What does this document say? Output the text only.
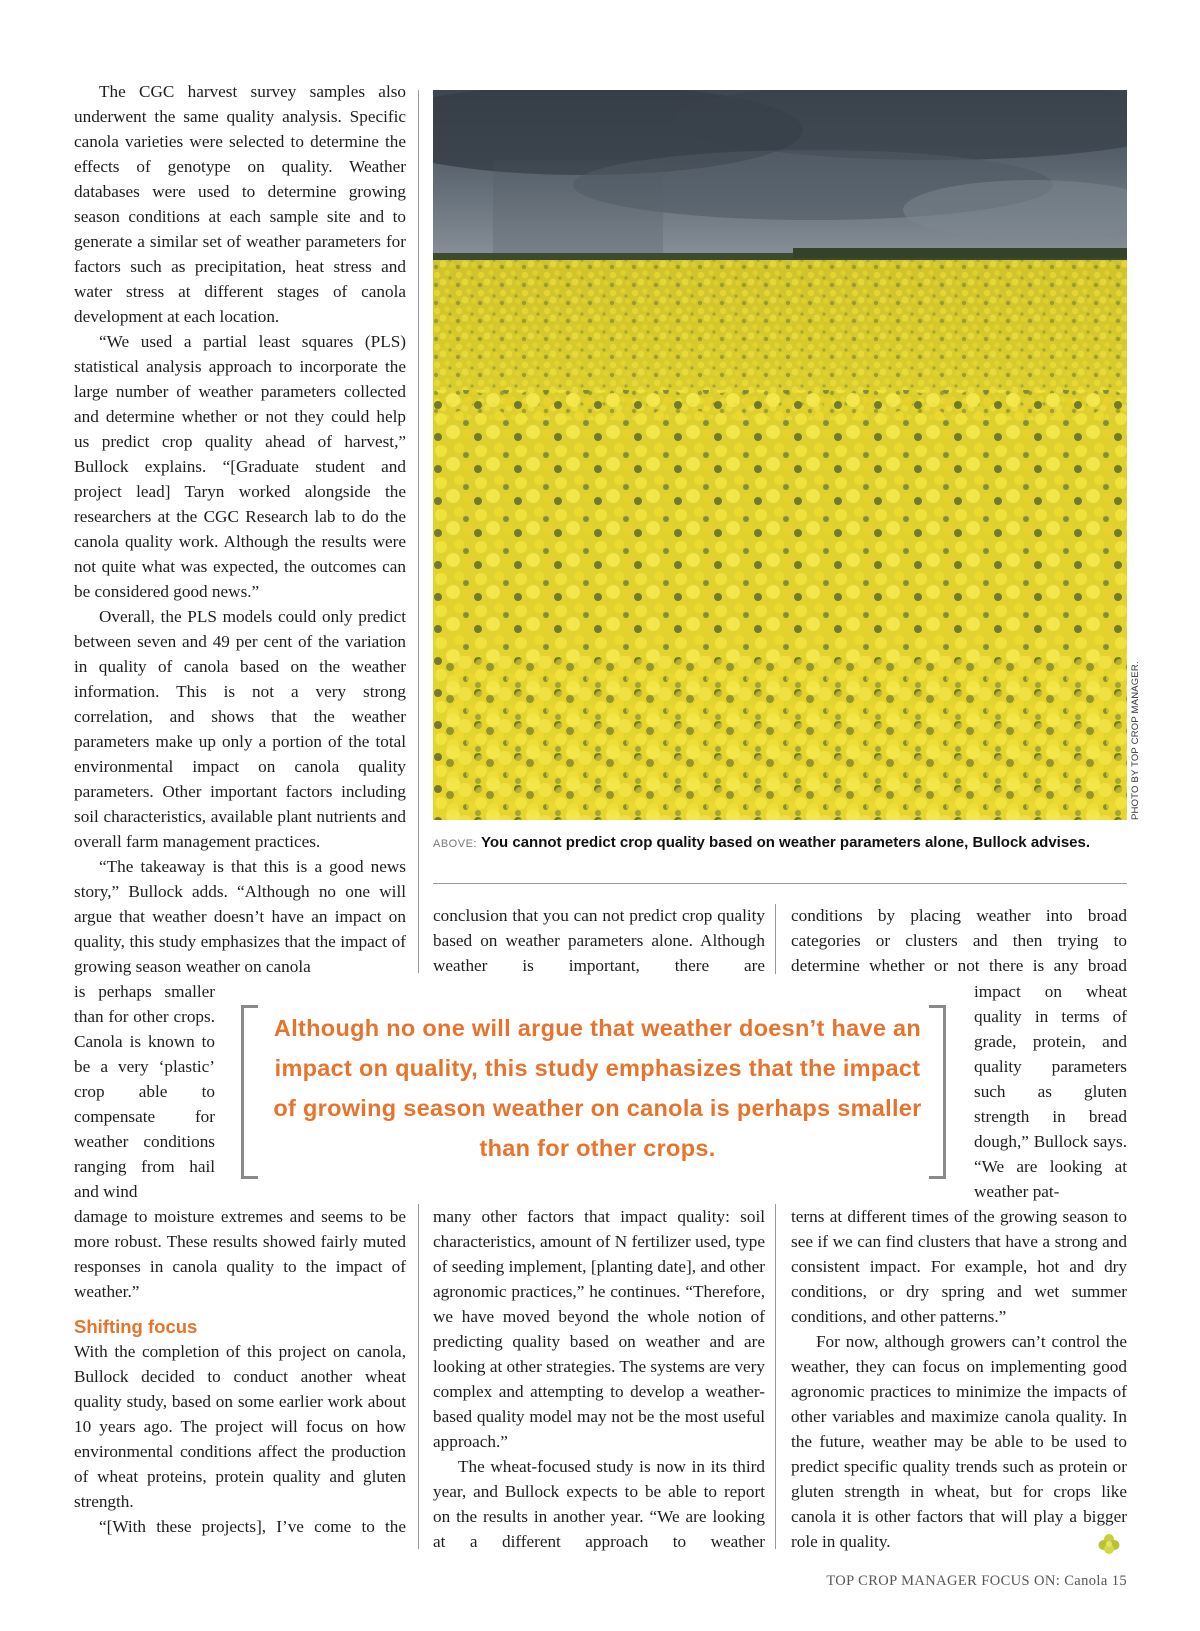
The CGC harvest survey samples also underwent the same quality analysis. Specific canola varieties were selected to determine the effects of genotype on quality. Weather databases were used to determine growing season conditions at each sample site and to generate a similar set of weather parameters for factors such as precipitation, heat stress and water stress at different stages of canola development at each location.

“We used a partial least squares (PLS) statistical analysis approach to incorporate the large number of weather parameters collected and determine whether or not they could help us predict crop quality ahead of harvest,” Bullock explains. “[Graduate student and project lead] Taryn worked alongside the researchers at the CGC Research lab to do the canola quality work. Although the results were not quite what was expected, the outcomes can be considered good news.”

Overall, the PLS models could only predict between seven and 49 per cent of the variation in quality of canola based on the weather information. This is not a very strong correlation, and shows that the weather parameters make up only a portion of the total environmental impact on canola quality parameters. Other important factors including soil characteristics, available plant nutrients and overall farm management practices.

“The takeaway is that this is a good news story,” Bullock adds. “Although no one will argue that weather doesn’t have an impact on quality, this study emphasizes that the impact of growing season weather on canola

is perhaps smaller than for other crops. Canola is known to be a very ‘plastic’ crop able to compensate for weather conditions ranging from hail and wind

damage to moisture extremes and seems to be more robust. These results showed fairly muted responses in canola quality to the impact of weather.”

Shifting focus

With the completion of this project on canola, Bullock decided to conduct another wheat quality study, based on some earlier work about 10 years ago. The project will focus on how environmental conditions affect the production of wheat proteins, protein quality and gluten strength.

“[With these projects], I’ve come to the

PHOTO BY TOP CROP MANAGER.
ABOVE: You cannot predict crop quality based on weather parameters alone, Bullock advises.

conclusion that you can not predict crop quality based on weather parameters alone. Although weather is important, there are

many other factors that impact quality: soil characteristics, amount of N fertilizer used, type of seeding implement, [planting date], and other agronomic practices,” he continues. “Therefore, we have moved beyond the whole notion of predicting quality based on weather and are looking at other strategies. The systems are very complex and attempting to develop a weather-based quality model may not be the most useful approach.”

The wheat-focused study is now in its third year, and Bullock expects to be able to report on the results in another year. “We are looking at a different approach to weather

conditions by placing weather into broad categories or clusters and then trying to determine whether or not there is any broad

impact on wheat quality in terms of grade, protein, and quality parameters such as gluten strength in bread dough,” Bullock says. “We are looking at weather pat-

terns at different times of the growing season to see if we can find clusters that have a strong and consistent impact. For example, hot and dry conditions, or dry spring and wet summer conditions, and other patterns.”

For now, although growers can’t control the weather, they can focus on implementing good agronomic practices to minimize the impacts of other variables and maximize canola quality. In the future, weather may be able to be used to predict specific quality trends such as protein or gluten strength in wheat, but for crops like canola it is other factors that will play a bigger role in quality.

Although no one will argue that weather doesn’t have an impact on quality, this study emphasizes that the impact of growing season weather on canola is perhaps smaller than for other crops.
TOP CROP MANAGER FOCUS ON: Canola 15
